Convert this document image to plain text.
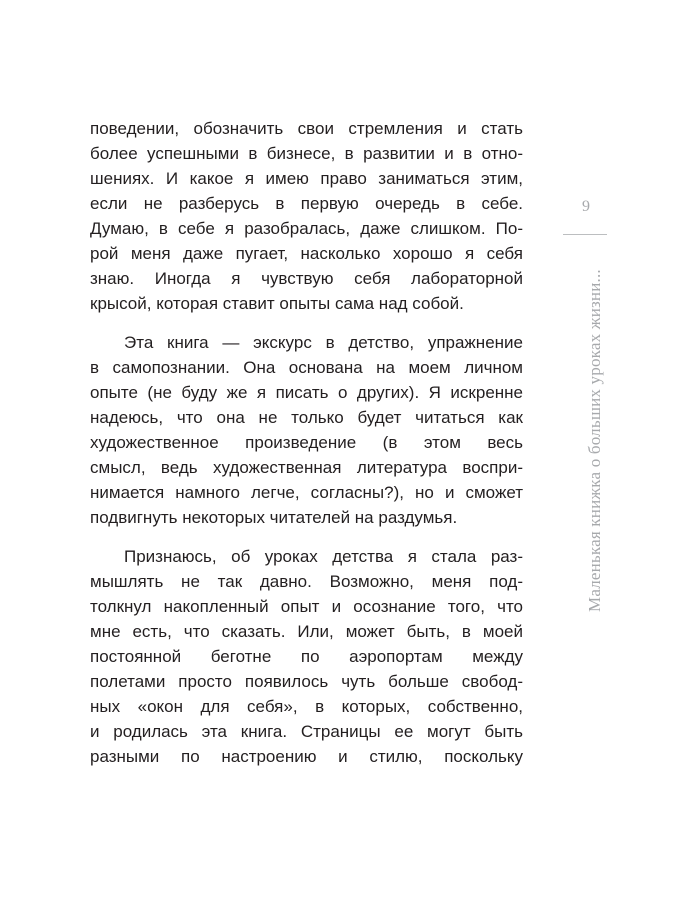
поведении, обозначить свои стремления и стать
более успешными в бизнесе, в развитии и в отно-
шениях. И какое я имею право заниматься этим,
если не разберусь в первую очередь в себе.
Думаю, в себе я разобралась, даже слишком. По-
рой меня даже пугает, насколько хорошо я себя
знаю. Иногда я чувствую себя лабораторной
крысой, которая ставит опыты сама над собой.
Эта книга — экскурс в детство, упражнение
в самопознании. Она основана на моем личном
опыте (не буду же я писать о других). Я искренне
надеюсь, что она не только будет читаться как
художественное произведение (в этом весь
смысл, ведь художественная литература воспри-
нимается намного легче, согласны?), но и сможет
подвигнуть некоторых читателей на раздумья.
Признаюсь, об уроках детства я стала раз-
мышлять не так давно. Возможно, меня под-
толкнул накопленный опыт и осознание того, что
мне есть, что сказать. Или, может быть, в моей
постоянной беготне по аэропортам между
полетами просто появилось чуть больше свобод-
ных «окон для себя», в которых, собственно,
и родилась эта книга. Страницы ее могут быть
разными по настроению и стилю, поскольку
9
Маленькая книжка о больших уроках жизни...
